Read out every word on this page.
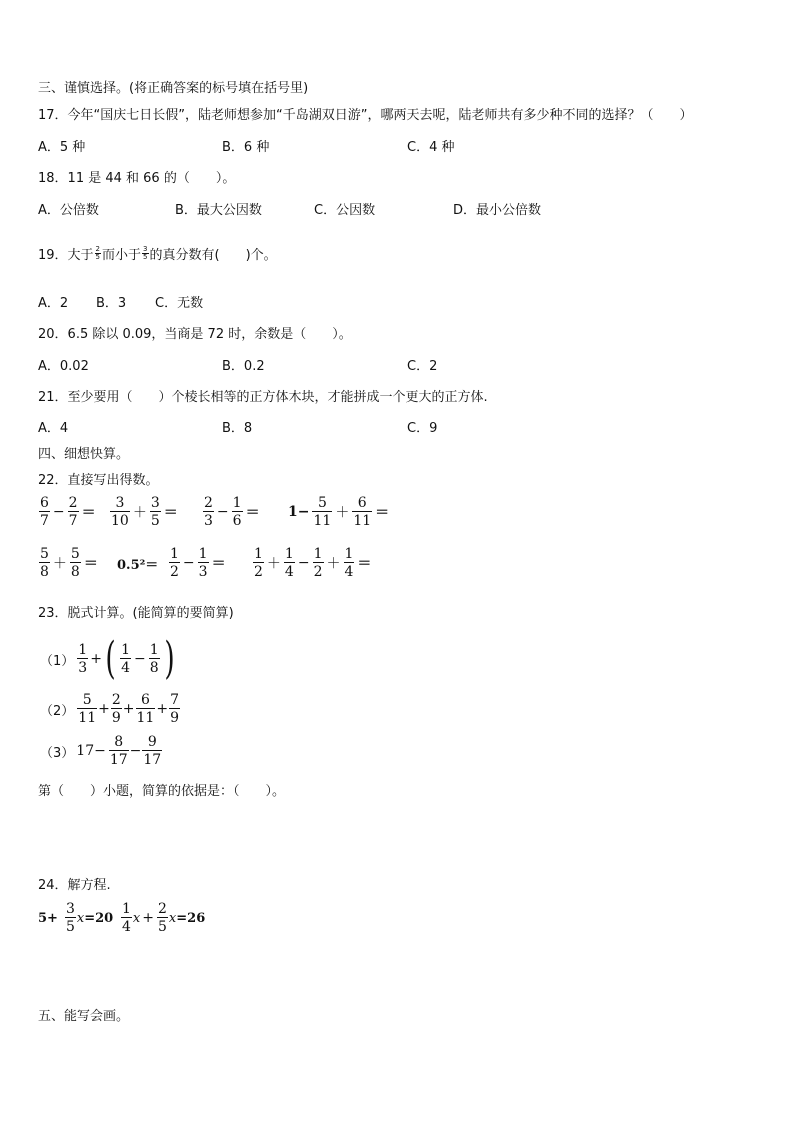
三、谨慎选择。(将正确答案的标号填在括号里)
17．今年“国庆七日长假”，陆老师想参加“千岛湖双日游”，哪两天去呢，陆老师共有多少种不同的选择？（　　）
A．5 种	B．6 种	C．4 种
18．11 是 44 和 66 的（　　）。
A．公倍数	B．最大公因数	C．公因数	D．最小公倍数
19．大于 2
5 而小于 3
5 的真分数有(　　)个。
A．2 B．3 C．无数
20．6.5 除以 0.09，当商是 72 时，余数是（　　）。
A．0.02	B．0.2	C．2
21．至少要用（　　）个棱长相等的正方体木块，才能拼成一个更大的正方体.
A．4	B．8	C．9
四、细想快算。
22．直接写出得数。
6
7
− $\frac{2}{7}$ ＝
3
10 ＋
3
5 ＝
2
3
− $\frac{1}{6} = 1- \frac{5}{11}$ ＋
6
11 ＝
5
8 ＋
5
8 ＝ 0.5²＝
1
2
− $\frac{1}{3}$ ＝
1
2 ＋
1
4
− $\frac{1}{2}$ ＋
1
4 ＝
23．脱式计算。(能简算的要简算)
（1）
1
3
+ ( 1
4
− $\frac{1}{8}$ )
（2）
5
11
+ $\frac{2}{9} + \frac{6}{11} + \frac{7}{9}$
（3） $17- \frac{8}{17} - \frac{9}{17}$
第（　　）小题，简算的依据是：（　　）。
24．解方程.
$5+ \frac{3}{5}$ x =20
1
4
$x + \frac{2}{5}$ x =26
五、能写会画。
